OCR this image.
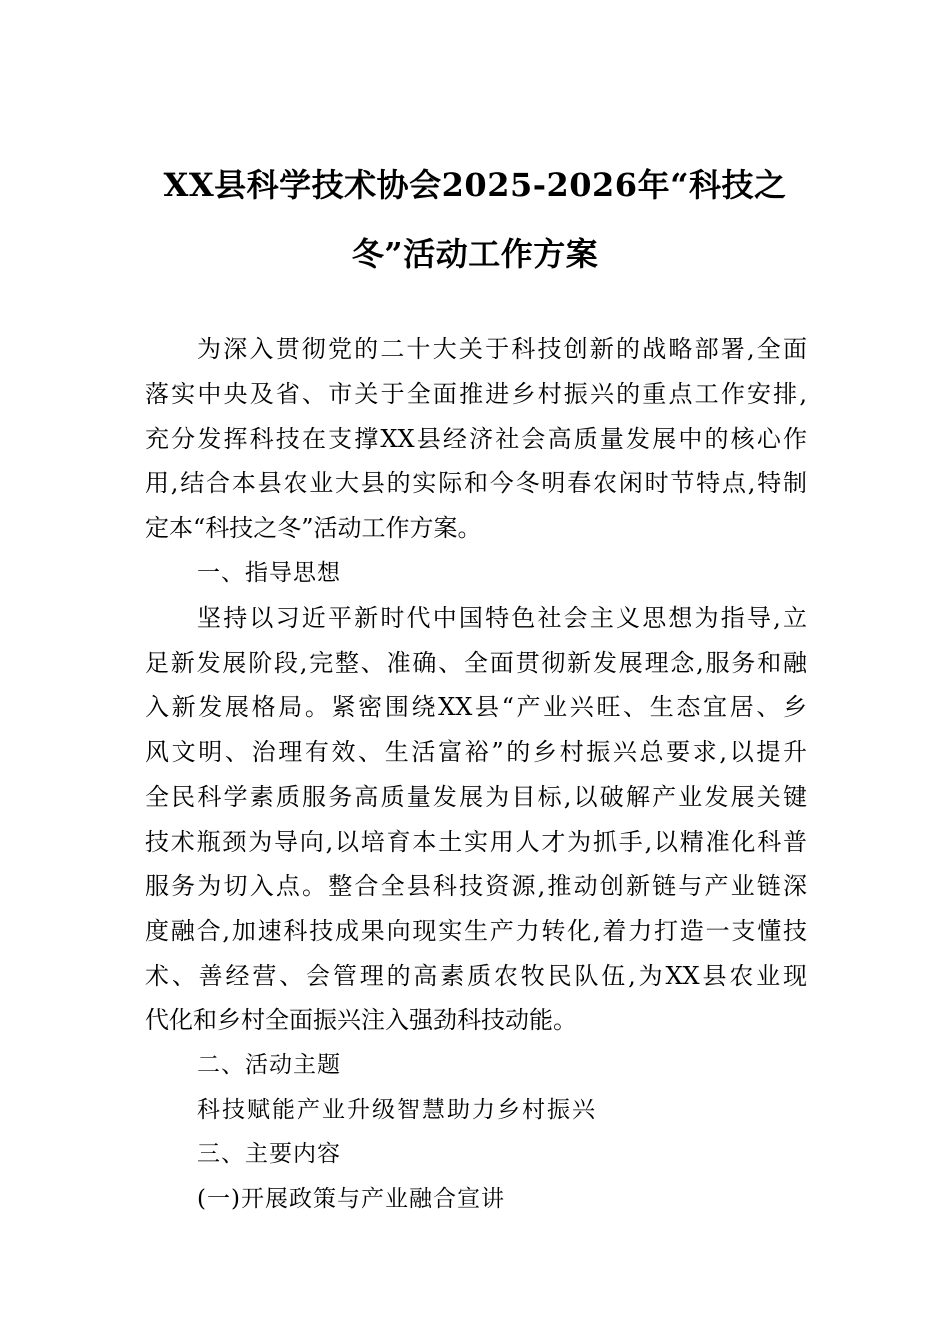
XX县科学技术协会2025-2026年“科技之
冬”活动工作方案
为深入贯彻党的二十大关于科技创新的战略部署,全面
落实中央及省、市关于全面推进乡村振兴的重点工作安排,
充分发挥科技在支撑XX县经济社会高质量发展中的核心作
用,结合本县农业大县的实际和今冬明春农闲时节特点,特制
定本“科技之冬”活动工作方案。
一、指导思想
坚持以习近平新时代中国特色社会主义思想为指导,立
足新发展阶段,完整、准确、全面贯彻新发展理念,服务和融
入新发展格局。紧密围绕XX县“产业兴旺、生态宜居、乡
风文明、治理有效、生活富裕”的乡村振兴总要求,以提升
全民科学素质服务高质量发展为目标,以破解产业发展关键
技术瓶颈为导向,以培育本土实用人才为抓手,以精准化科普
服务为切入点。整合全县科技资源,推动创新链与产业链深
度融合,加速科技成果向现实生产力转化,着力打造一支懂技
术、善经营、会管理的高素质农牧民队伍,为XX县农业现
代化和乡村全面振兴注入强劲科技动能。
二、活动主题
科技赋能产业升级智慧助力乡村振兴
三、主要内容
(一)开展政策与产业融合宣讲
